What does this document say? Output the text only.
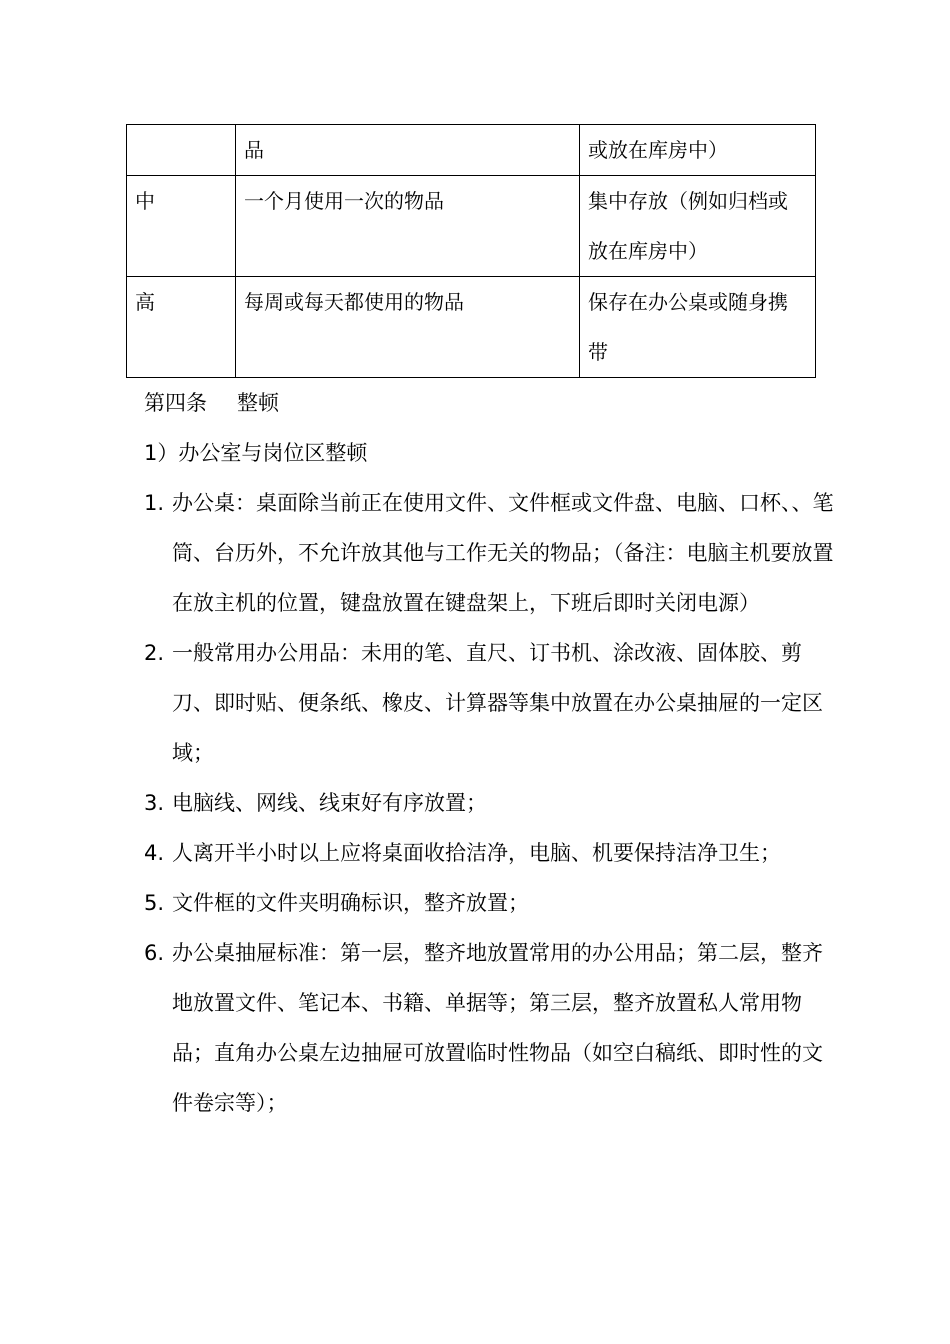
	品	或放在库房中）
中	一个月使用一次的物品	集中存放（例如归档或放在库房中）
高	每周或每天都使用的物品	保存在办公桌或随身携带
第四条 整顿
1）办公室与岗位区整顿
1. 办公桌：桌面除当前正在使用文件、文件框或文件盘、电脑、口杯、、笔筒、台历外，不允许放其他与工作无关的物品；（备注：电脑主机要放置在放主机的位置，键盘放置在键盘架上，下班后即时关闭电源）
2. 一般常用办公用品：未用的笔、直尺、订书机、涂改液、固体胶、剪刀、即时贴、便条纸、橡皮、计算器等集中放置在办公桌抽屉的一定区域；
3. 电脑线、网线、线束好有序放置；
4. 人离开半小时以上应将桌面收拾洁净，电脑、机要保持洁净卫生；
5. 文件框的文件夹明确标识，整齐放置；
6. 办公桌抽屉标准：第一层，整齐地放置常用的办公用品；第二层，整齐地放置文件、笔记本、书籍、单据等；第三层，整齐放置私人常用物品；直角办公桌左边抽屉可放置临时性物品（如空白稿纸、即时性的文件卷宗等）；
